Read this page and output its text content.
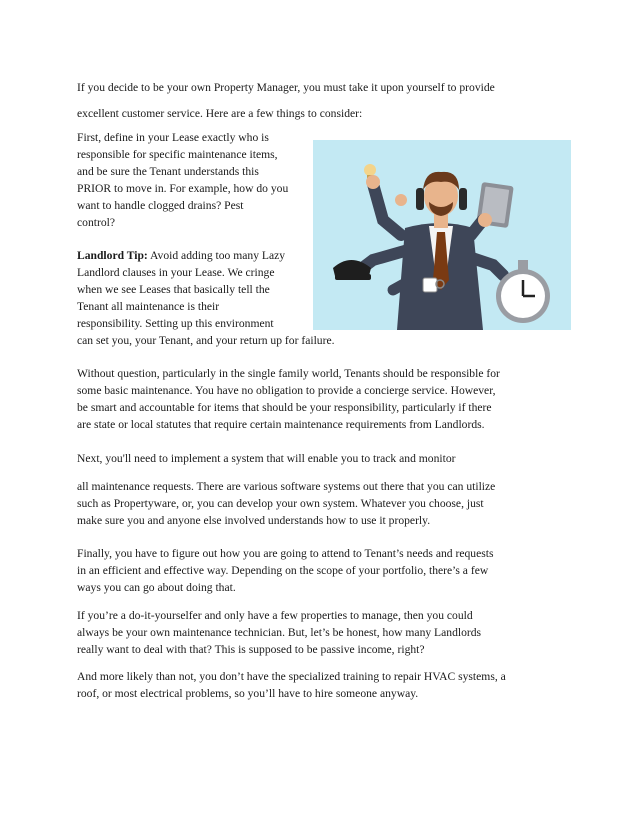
If you decide to be your own Property Manager, you must take it upon yourself to provide

excellent customer service. Here are a few things to consider:

First, define in your Lease exactly who is

responsible for specific maintenance items,

and be sure the Tenant understands this

PRIOR to move in. For example, how do you

want to handle clogged drains? Pest

control?

Landlord Tip: Avoid adding too many Lazy

Landlord clauses in your Lease. We cringe

when we see Leases that basically tell the

Tenant all maintenance is their

responsibility. Setting up this environment

can set you, your Tenant, and your return up for failure.

Without question, particularly in the single family world, Tenants should be responsible for

some basic maintenance. You have no obligation to provide a concierge service. However,

be smart and accountable for items that should be your responsibility, particularly if there

are state or local statutes that require certain maintenance requirements from Landlords.

Next, you'll need to implement a system that will enable you to track and monitor

all maintenance requests. There are various software systems out there that you can utilize

such as Propertyware, or, you can develop your own system. Whatever you choose, just

make sure you and anyone else involved understands how to use it properly.

Finally, you have to figure out how you are going to attend to Tenant’s needs and requests

in an efficient and effective way. Depending on the scope of your portfolio, there’s a few

ways you can go about doing that.

If you’re a do-it-yourselfer and only have a few properties to manage, then you could

always be your own maintenance technician. But, let’s be honest, how many Landlords

really want to deal with that? This is supposed to be passive income, right?

And more likely than not, you don’t have the specialized training to repair HVAC systems, a

roof, or most electrical problems, so you’ll have to hire someone anyway.
